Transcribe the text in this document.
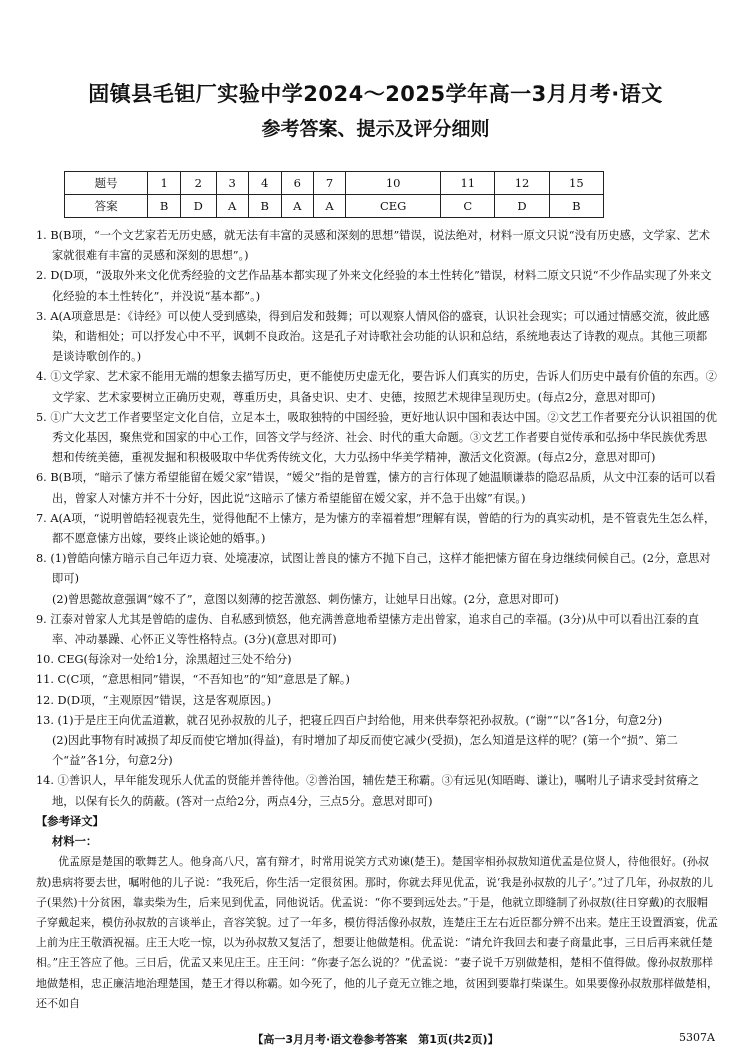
固镇县毛钽厂实验中学2024～2025学年高一3月月考·语文
参考答案、提示及评分细则
题号	1	2	3	4	6	7	10	11	12	15
答案	B	D	A	B	A	A	CEG	C	D	B

1. B(B项，“一个文艺家若无历史感，就无法有丰富的灵感和深刻的思想”错误，说法绝对，材料一原文只说“没有历史感，文学家、艺术家就很难有丰富的灵感和深刻的思想”。)

2. D(D项，“汲取外来文化优秀经验的文艺作品基本都实现了外来文化经验的本土性转化”错误，材料二原文只说“不少作品实现了外来文化经验的本土性转化”，并没说“基本都”。)

3. A(A项意思是：《诗经》可以使人受到感染，得到启发和鼓舞；可以观察人情风俗的盛衰，认识社会现实；可以通过情感交流，彼此感染，和谐相处；可以抒发心中不平，讽刺不良政治。这是孔子对诗歌社会功能的认识和总结，系统地表达了诗教的观点。其他三项都是谈诗歌创作的。)

4. ①文学家、艺术家不能用无端的想象去描写历史，更不能使历史虚无化，要告诉人们真实的历史，告诉人们历史中最有价值的东西。②文学家、艺术家要树立正确历史观，尊重历史，具备史识、史才、史德，按照艺术规律呈现历史。(每点2分，意思对即可)

5. ①广大文艺工作者要坚定文化自信，立足本土，吸取独特的中国经验，更好地认识中国和表达中国。②文艺工作者要充分认识祖国的优秀文化基因，聚焦党和国家的中心工作，回答文学与经济、社会、时代的重大命题。③文艺工作者要自觉传承和弘扬中华民族优秀思想和传统美德，重视发掘和积极吸取中华优秀传统文化，大力弘扬中华美学精神，激活文化资源。(每点2分，意思对即可)

6. B(B项，“暗示了愫方希望能留在嫒父家”错误，“嫒父”指的是曾霆，愫方的言行体现了她温顺谦恭的隐忍品质，从文中江泰的话可以看出，曾家人对愫方并不十分好，因此说“这暗示了愫方希望能留在嫒父家，并不急于出嫁”有误。)

7. A(A项，“说明曾皓轻视袁先生，觉得他配不上愫方，是为愫方的幸福着想”理解有误，曾皓的行为的真实动机，是不管袁先生怎么样，都不愿意愫方出嫁，要终止谈论她的婚事。)

8. (1)曾皓向愫方暗示自己年迈力衰、处境凄凉，试图让善良的愫方不抛下自己，这样才能把愫方留在身边继续伺候自己。(2分，意思对即可)

(2)曾思懿故意强调“嫁不了”，意图以刻薄的挖苦激怒、刺伤愫方，让她早日出嫁。(2分，意思对即可)

9. 江泰对曾家人尤其是曾皓的虚伪、自私感到愤怒，他充满善意地希望愫方走出曾家，追求自己的幸福。(3分)从中可以看出江泰的直率、冲动暴躁、心怀正义等性格特点。(3分)(意思对即可)

10. CEG(每涂对一处给1分，涂黑超过三处不给分)

11. C(C项，“意思相同”错误，“不吾知也”的“知”意思是了解。)

12. D(D项，“主观原因”错误，这是客观原因。)

13. (1)于是庄王向优孟道歉，就召见孙叔敖的儿子，把寝丘四百户封给他，用来供奉祭祀孙叔敖。(“谢”“以”各1分，句意2分)

(2)因此事物有时减损了却反而使它增加(得益)，有时增加了却反而使它减少(受损)，怎么知道是这样的呢？(第一个“损”、第二个“益”各1分，句意2分)

14. ①善识人，早年能发现乐人优孟的贤能并善待他。②善治国，辅佐楚王称霸。③有远见(知晤晦、谦让)，嘱咐儿子请求受封贫瘠之地，以保有长久的荫蔽。(答对一点给2分，两点4分，三点5分。意思对即可)

【参考译文】

材料一：

优孟原是楚国的歌舞艺人。他身高八尺，富有辩才，时常用说笑方式劝谏(楚王)。楚国宰相孙叔敖知道优孟是位贤人，待他很好。(孙叔敖)患病将要去世，嘱咐他的儿子说：“我死后，你生活一定很贫困。那时，你就去拜见优孟，说‘我是孙叔敖的儿子’。”过了几年，孙叔敖的儿子(果然)十分贫困，靠卖柴为生，后来见到优孟，同他说话。优孟说：“你不要到远处去。”于是，他就立即缝制了孙叔敖(往日穿戴)的衣服帽子穿戴起来，模仿孙叔敖的言谈举止，音容笑貌。过了一年多，模仿得活像孙叔敖，连楚庄王左右近臣都分辨不出来。楚庄王设置酒宴，优孟上前为庄王敬酒祝福。庄王大吃一惊，以为孙叔敖又复活了，想要让他做楚相。优孟说：“请允许我回去和妻子商量此事，三日后再来就任楚相。”庄王答应了他。三日后，优孟又来见庄王。庄王问：“你妻子怎么说的？”优孟说：“妻子说千万别做楚相，楚相不值得做。像孙叔敖那样地做楚相，忠正廉洁地治理楚国，楚王才得以称霸。如今死了，他的儿子竟无立锥之地，贫困到要靠打柴谋生。如果要像孙叔敖那样做楚相，还不如自

【高一3月月考·语文卷参考答案　第1页(共2页)】	5307A
